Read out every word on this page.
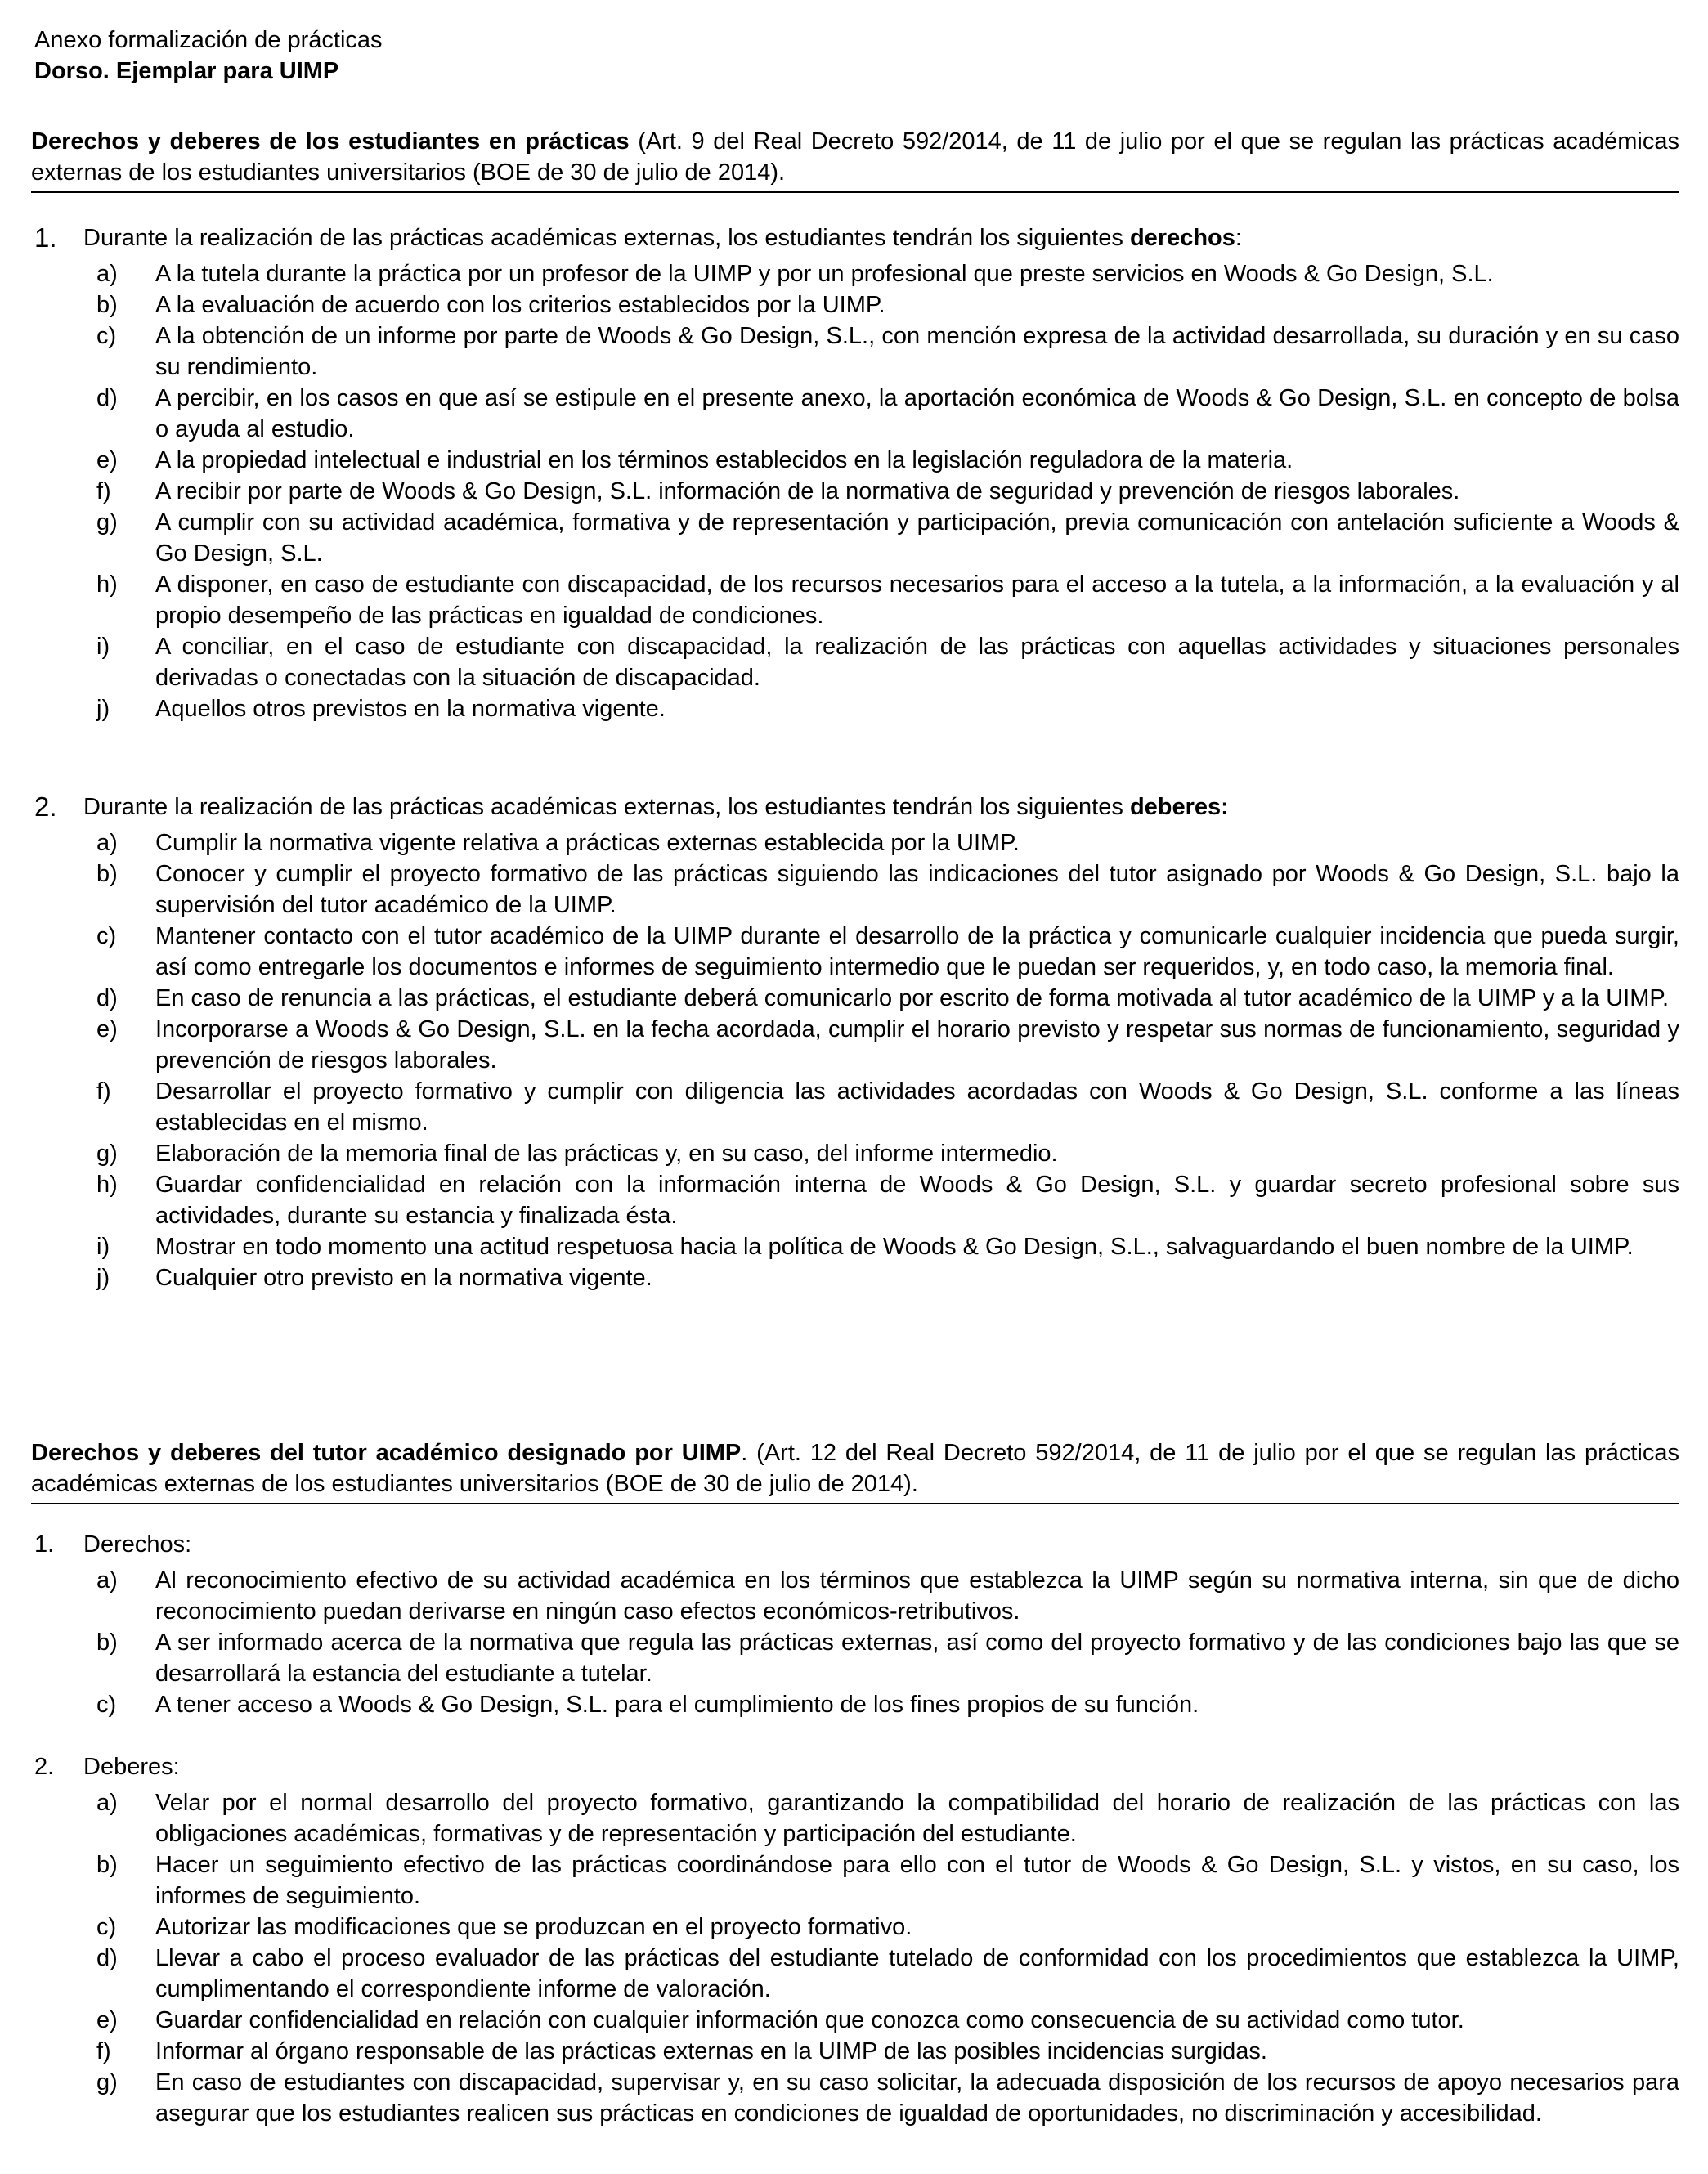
Anexo formalización de prácticas
Dorso. Ejemplar para UIMP
Derechos y deberes de los estudiantes en prácticas (Art. 9 del Real Decreto 592/2014, de 11 de julio por el que se regulan las prácticas académicas externas de los estudiantes universitarios (BOE de 30 de julio de 2014).
1. Durante la realización de las prácticas académicas externas, los estudiantes tendrán los siguientes derechos:
a) A la tutela durante la práctica por un profesor de la UIMP y por un profesional que preste servicios en Woods & Go Design, S.L.
b) A la evaluación de acuerdo con los criterios establecidos por la UIMP.
c) A la obtención de un informe por parte de Woods & Go Design, S.L., con mención expresa de la actividad desarrollada, su duración y en su caso su rendimiento.
d) A percibir, en los casos en que así se estipule en el presente anexo, la aportación económica de Woods & Go Design, S.L. en concepto de bolsa o ayuda al estudio.
e) A la propiedad intelectual e industrial en los términos establecidos en la legislación reguladora de la materia.
f) A recibir por parte de Woods & Go Design, S.L. información de la normativa de seguridad y prevención de riesgos laborales.
g) A cumplir con su actividad académica, formativa y de representación y participación, previa comunicación con antelación suficiente a Woods & Go Design, S.L.
h) A disponer, en caso de estudiante con discapacidad, de los recursos necesarios para el acceso a la tutela, a la información, a la evaluación y al propio desempeño de las prácticas en igualdad de condiciones.
i) A conciliar, en el caso de estudiante con discapacidad, la realización de las prácticas con aquellas actividades y situaciones personales derivadas o conectadas con la situación de discapacidad.
j) Aquellos otros previstos en la normativa vigente.
2. Durante la realización de las prácticas académicas externas, los estudiantes tendrán los siguientes deberes:
a) Cumplir la normativa vigente relativa a prácticas externas establecida por la UIMP.
b) Conocer y cumplir el proyecto formativo de las prácticas siguiendo las indicaciones del tutor asignado por Woods & Go Design, S.L. bajo la supervisión del tutor académico de la UIMP.
c) Mantener contacto con el tutor académico de la UIMP durante el desarrollo de la práctica y comunicarle cualquier incidencia que pueda surgir, así como entregarle los documentos e informes de seguimiento intermedio que le puedan ser requeridos, y, en todo caso, la memoria final.
d) En caso de renuncia a las prácticas, el estudiante deberá comunicarlo por escrito de forma motivada al tutor académico de la UIMP y a la UIMP.
e) Incorporarse a Woods & Go Design, S.L. en la fecha acordada, cumplir el horario previsto y respetar sus normas de funcionamiento, seguridad y prevención de riesgos laborales.
f) Desarrollar el proyecto formativo y cumplir con diligencia las actividades acordadas con Woods & Go Design, S.L. conforme a las líneas establecidas en el mismo.
g) Elaboración de la memoria final de las prácticas y, en su caso, del informe intermedio.
h) Guardar confidencialidad en relación con la información interna de Woods & Go Design, S.L. y guardar secreto profesional sobre sus actividades, durante su estancia y finalizada ésta.
i) Mostrar en todo momento una actitud respetuosa hacia la política de Woods & Go Design, S.L., salvaguardando el buen nombre de la UIMP.
j) Cualquier otro previsto en la normativa vigente.
Derechos y deberes del tutor académico designado por UIMP. (Art. 12 del Real Decreto 592/2014, de 11 de julio por el que se regulan las prácticas académicas externas de los estudiantes universitarios (BOE de 30 de julio de 2014).
1. Derechos:
a) Al reconocimiento efectivo de su actividad académica en los términos que establezca la UIMP según su normativa interna, sin que de dicho reconocimiento puedan derivarse en ningún caso efectos económicos-retributivos.
b) A ser informado acerca de la normativa que regula las prácticas externas, así como del proyecto formativo y de las condiciones bajo las que se desarrollará la estancia del estudiante a tutelar.
c) A tener acceso a Woods & Go Design, S.L. para el cumplimiento de los fines propios de su función.
2. Deberes:
a) Velar por el normal desarrollo del proyecto formativo, garantizando la compatibilidad del horario de realización de las prácticas con las obligaciones académicas, formativas y de representación y participación del estudiante.
b) Hacer un seguimiento efectivo de las prácticas coordinándose para ello con el tutor de Woods & Go Design, S.L. y vistos, en su caso, los informes de seguimiento.
c) Autorizar las modificaciones que se produzcan en el proyecto formativo.
d) Llevar a cabo el proceso evaluador de las prácticas del estudiante tutelado de conformidad con los procedimientos que establezca la UIMP, cumplimentando el correspondiente informe de valoración.
e) Guardar confidencialidad en relación con cualquier información que conozca como consecuencia de su actividad como tutor.
f) Informar al órgano responsable de las prácticas externas en la UIMP de las posibles incidencias surgidas.
g) En caso de estudiantes con discapacidad, supervisar y, en su caso solicitar, la adecuada disposición de los recursos de apoyo necesarios para asegurar que los estudiantes realicen sus prácticas en condiciones de igualdad de oportunidades, no discriminación y accesibilidad.
